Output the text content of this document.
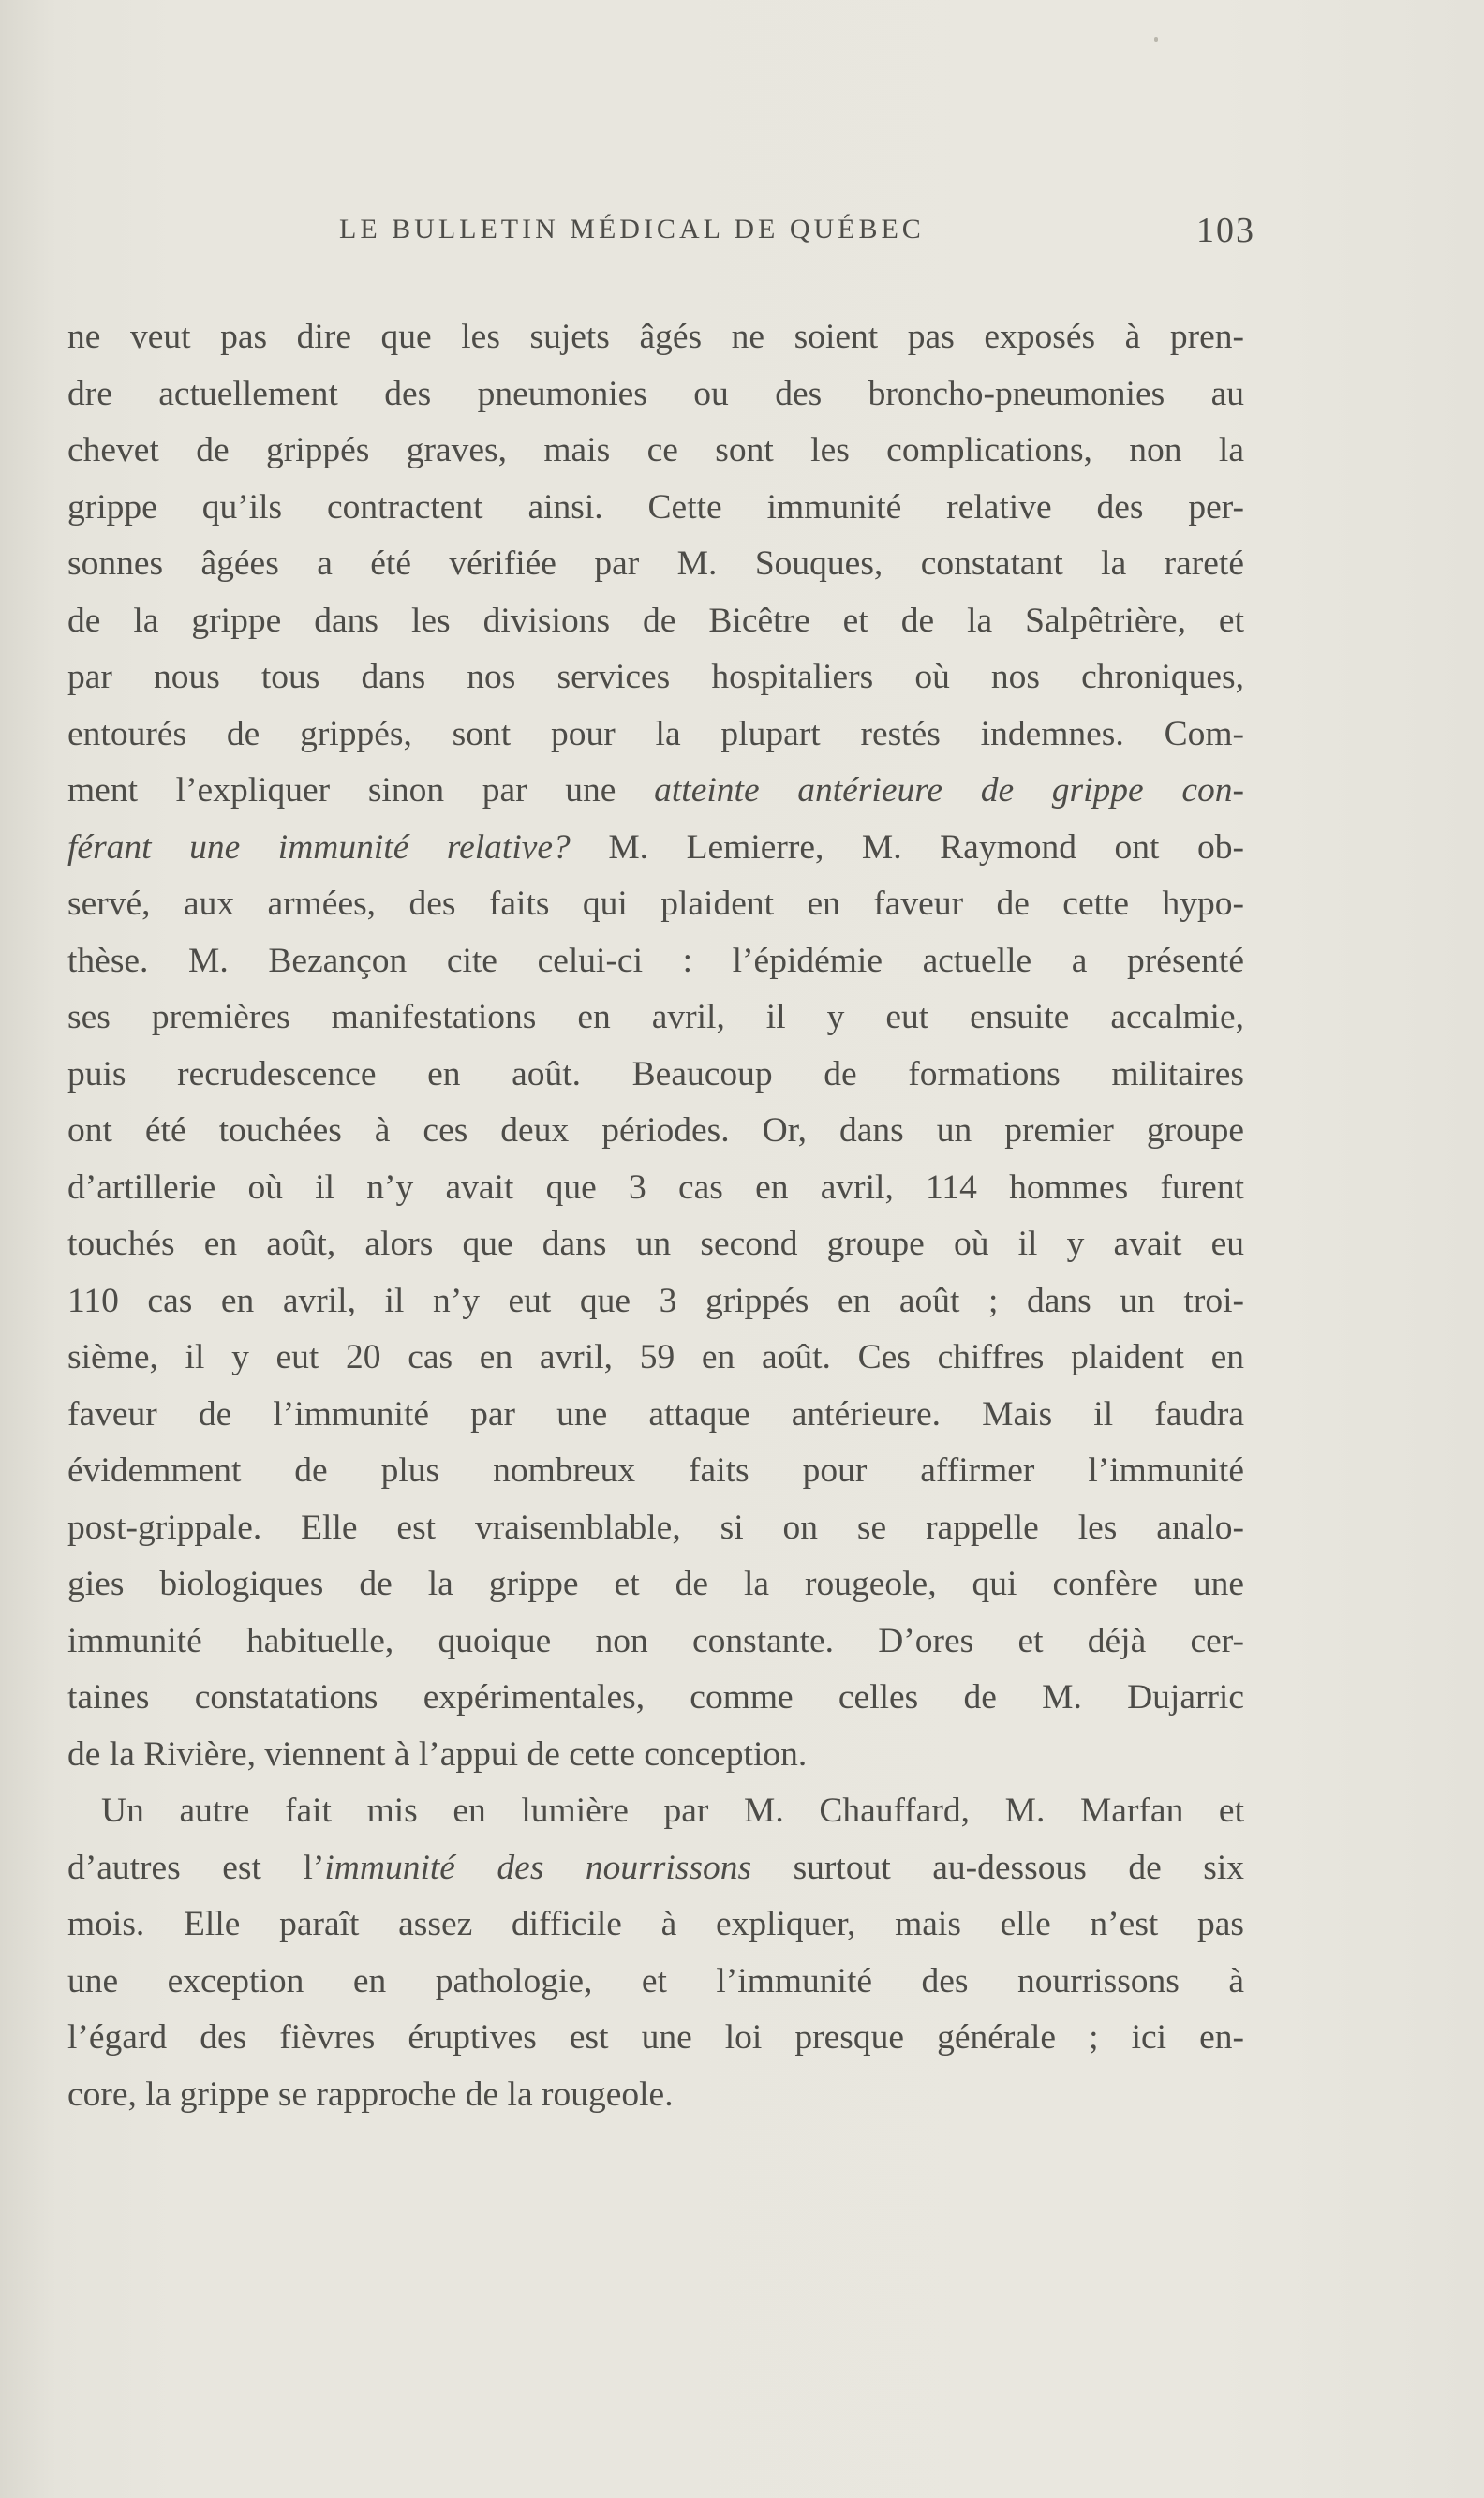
LE BULLETIN MÉDICAL DE QUÉBEC	103
ne veut pas dire que les sujets âgés ne soient pas exposés à pren-
dre actuellement des pneumonies ou des broncho-pneumonies au
chevet de grippés graves, mais ce sont les complications, non la
grippe qu’ils contractent ainsi. Cette immunité relative des per-
sonnes âgées a été vérifiée par M. Souques, constatant la rareté
de la grippe dans les divisions de Bicêtre et de la Salpêtrière, et
par nous tous dans nos services hospitaliers où nos chroniques,
entourés de grippés, sont pour la plupart restés indemnes. Com-
ment l’expliquer sinon par une atteinte antérieure de grippe con-
férant une immunité relative? M. Lemierre, M. Raymond ont ob-
servé, aux armées, des faits qui plaident en faveur de cette hypo-
thèse. M. Bezançon cite celui-ci : l’épidémie actuelle a présenté
ses premières manifestations en avril, il y eut ensuite accalmie,
puis recrudescence en août. Beaucoup de formations militaires
ont été touchées à ces deux périodes. Or, dans un premier groupe
d’artillerie où il n’y avait que 3 cas en avril, 114 hommes furent
touchés en août, alors que dans un second groupe où il y avait eu
110 cas en avril, il n’y eut que 3 grippés en août ; dans un troi-
sième, il y eut 20 cas en avril, 59 en août. Ces chiffres plaident en
faveur de l’immunité par une attaque antérieure. Mais il faudra
évidemment de plus nombreux faits pour affirmer l’immunité
post-grippale. Elle est vraisemblable, si on se rappelle les analo-
gies biologiques de la grippe et de la rougeole, qui confère une
immunité habituelle, quoique non constante. D’ores et déjà cer-
taines constatations expérimentales, comme celles de M. Dujarric
de la Rivière, viennent à l’appui de cette conception.
Un autre fait mis en lumière par M. Chauffard, M. Marfan et
d’autres est l’immunité des nourrissons surtout au-dessous de six
mois. Elle paraît assez difficile à expliquer, mais elle n’est pas
une exception en pathologie, et l’immunité des nourrissons à
l’égard des fièvres éruptives est une loi presque générale ; ici en-
core, la grippe se rapproche de la rougeole.
